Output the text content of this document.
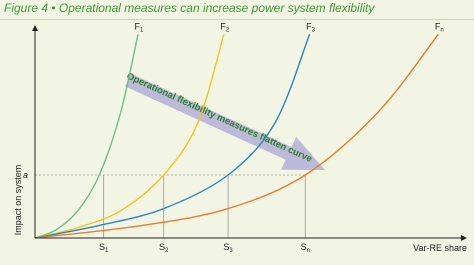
Figure 4 • Operational measures can increase power system flexibility
Operational flexibility measures flatten curve
$F_1$	$F_2$	$F_3$	$F_n$
$S_1$	$S_2$	$S_3$	$S_n$
a
Var-RE share
Impact on system
